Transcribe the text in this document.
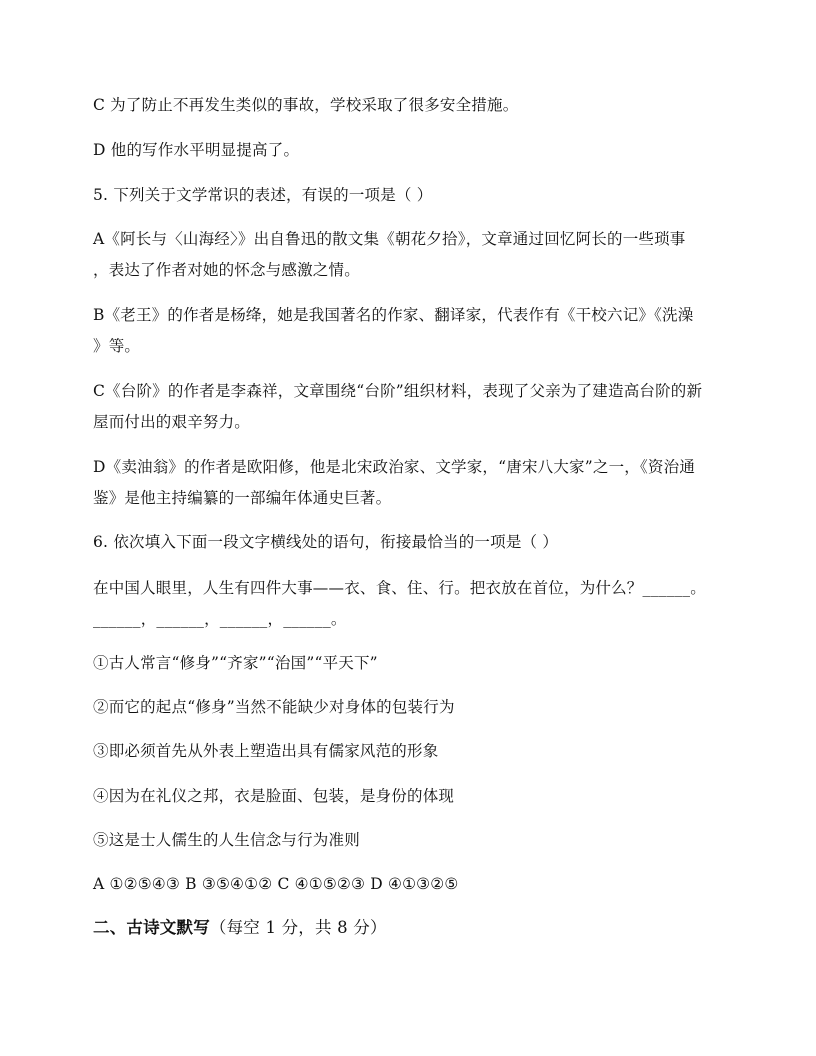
C 为了防止不再发生类似的事故，学校采取了很多安全措施。
D 他的写作水平明显提高了。
5. 下列关于文学常识的表述，有误的一项是（ ）
A《阿长与〈山海经〉》出自鲁迅的散文集《朝花夕拾》，文章通过回忆阿长的一些琐事
，表达了作者对她的怀念与感激之情。
B《老王》的作者是杨绛，她是我国著名的作家、翻译家，代表作有《干校六记》《洗澡
》等。
C《台阶》的作者是李森祥，文章围绕“台阶”组织材料，表现了父亲为了建造高台阶的新
屋而付出的艰辛努力。
D《卖油翁》的作者是欧阳修，他是北宋政治家、文学家，“唐宋八大家”之一，《资治通
鉴》是他主持编纂的一部编年体通史巨著。
6. 依次填入下面一段文字横线处的语句，衔接最恰当的一项是（ ）
在中国人眼里，人生有四件大事——衣、食、住、行。把衣放在首位，为什么？______。
______，______，______，______。
①古人常言“修身”“齐家”“治国”“平天下”
②而它的起点“修身”当然不能缺少对身体的包装行为
③即必须首先从外表上塑造出具有儒家风范的形象
④因为在礼仪之邦，衣是脸面、包装，是身份的体现
⑤这是士人儒生的人生信念与行为准则
A ①②⑤④③ B ③⑤④①② C ④①⑤②③ D ④①③②⑤
二、古诗文默写（每空 1 分，共 8 分）
